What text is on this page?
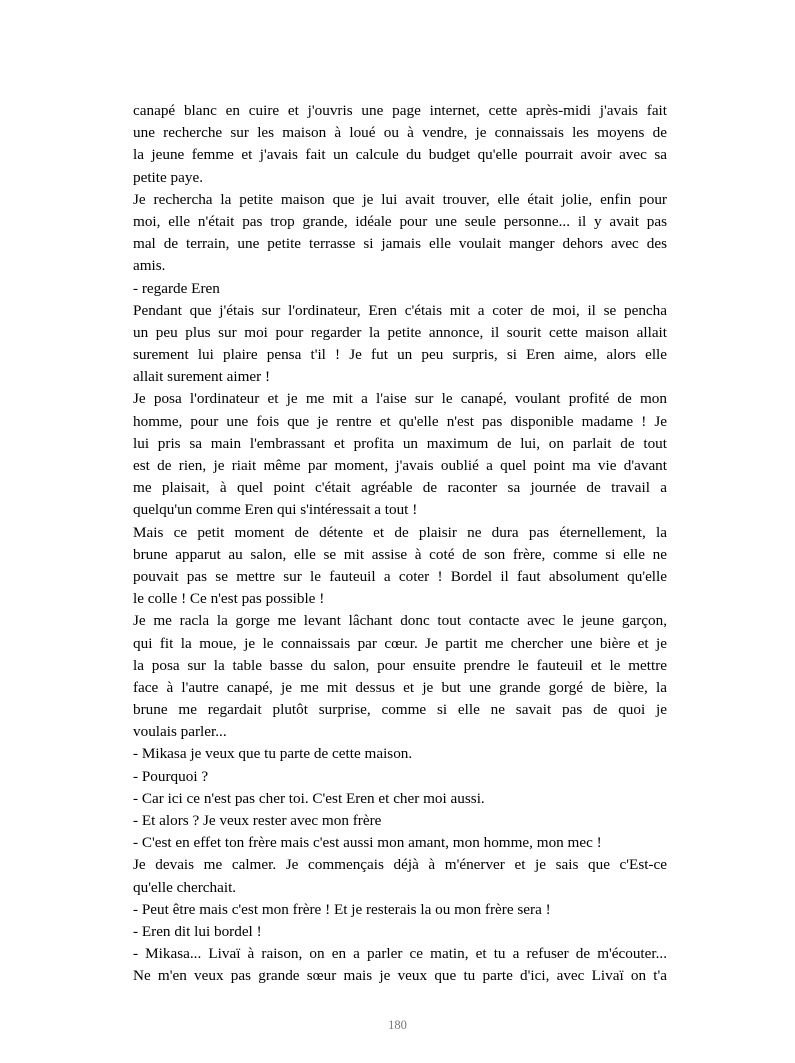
canapé blanc en cuire et j'ouvris une page internet, cette après-midi j'avais fait
une recherche sur les maison à loué ou à vendre, je connaissais les moyens de
la jeune femme et j'avais fait un calcule du budget qu'elle pourrait avoir avec sa
petite paye.
Je recherchа la petite maison que je lui avait trouver, elle était jolie, enfin pour
moi, elle n'était pas trop grande, idéale pour une seule personne... il y avait pas
mal de terrain, une petite terrasse si jamais elle voulait manger dehors avec des
amis.
- regarde Eren
Pendant que j'étais sur l'ordinateur, Eren c'étais mit a coter de moi, il se pencha
un peu plus sur moi pour regarder la petite annonce, il sourit cette maison allait
surement lui plaire pensa t'il ! Je fut un peu surpris, si Eren aime, alors elle
allait surement aimer !
Je posa l'ordinateur et je me mit a l'aise sur le canapé, voulant profité de mon
homme, pour une fois que je rentre et qu'elle n'est pas disponible madame ! Je
lui pris sa main l'embrassant et profita un maximum de lui, on parlait de tout
est de rien, je riait même par moment, j'avais oublié a quel point ma vie d'avant
me plaisait, à quel point c'était agréable de raconter sa journée de travail a
quelqu'un comme Eren qui s'intéressait a tout !
Mais ce petit moment de détente et de plaisir ne dura pas éternellement, la
brune apparut au salon, elle se mit assise à coté de son frère, comme si elle ne
pouvait pas se mettre sur le fauteuil a coter ! Bordel il faut absolument qu'elle
le colle ! Ce n'est pas possible !
Je me racla la gorge me levant lâchant donc tout contacte avec le jeune garçon,
qui fit la moue, je le connaissais par cœur. Je partit me chercher une bière et je
la posa sur la table basse du salon, pour ensuite prendre le fauteuil et le mettre
face à l'autre canapé, je me mit dessus et je but une grande gorgé de bière, la
brune me regardait plutôt surprise, comme si elle ne savait pas de quoi je
voulais parler...
- Mikasa je veux que tu parte de cette maison.
- Pourquoi ?
- Car ici ce n'est pas cher toi. C'est Eren et cher moi aussi.
- Et alors ? Je veux rester avec mon frère
- C'est en effet ton frère mais c'est aussi mon amant, mon homme, mon mec !
Je devais me calmer. Je commençais déjà à m'énerver et je sais que c'Est-ce
qu'elle cherchait.
- Peut être mais c'est mon frère ! Et je resterais la ou mon frère sera !
- Eren dit lui bordel !
- Mikasa... Livaï à raison, on en a parler ce matin, et tu a refuser de m'écouter...
Ne m'en veux pas grande sœur mais je veux que tu parte d'ici, avec Livaï on t'a
180
